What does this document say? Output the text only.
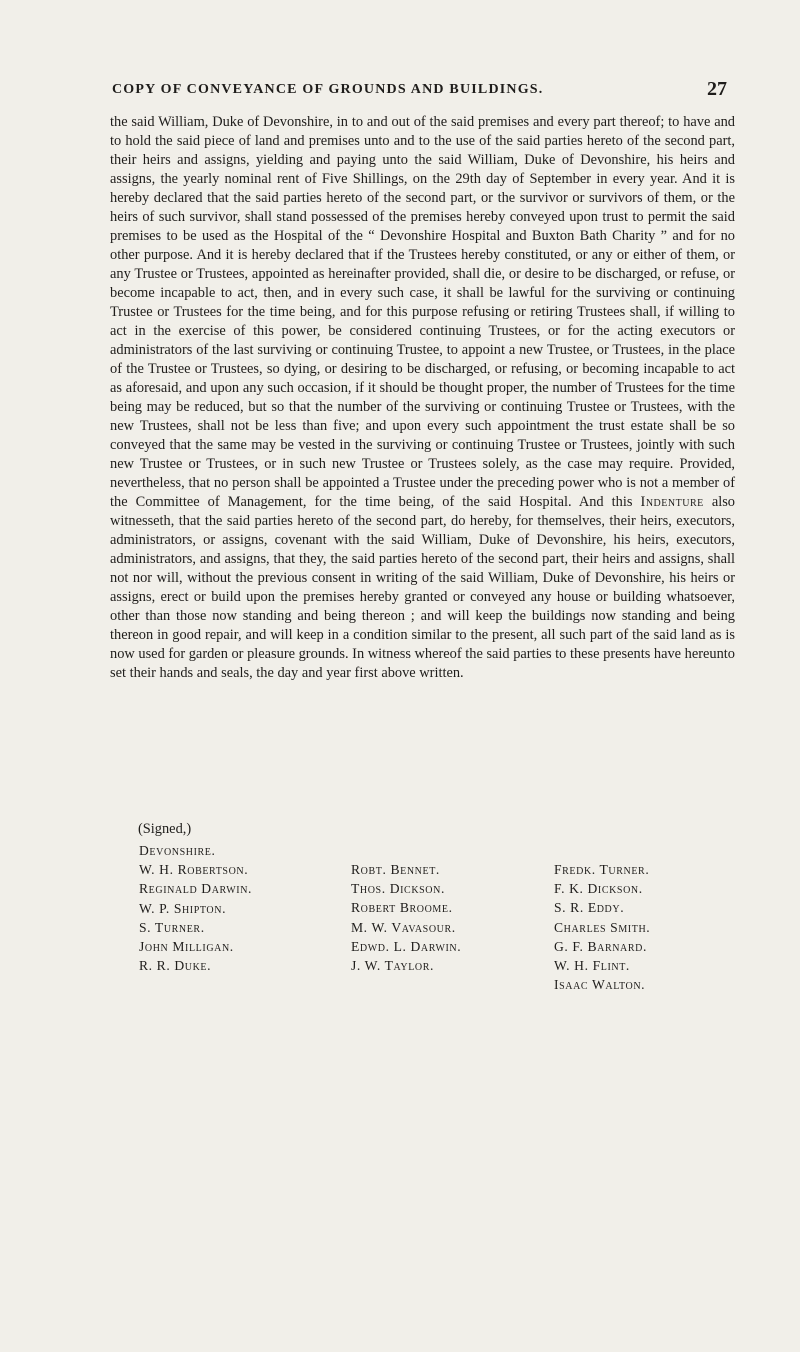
COPY OF CONVEYANCE OF GROUNDS AND BUILDINGS.	27

the said William, Duke of Devonshire, in to and out of the said premises and every part thereof; to have and to hold the said piece of land and premises unto and to the use of the said parties hereto of the second part, their heirs and assigns, yielding and paying unto the said William, Duke of Devonshire, his heirs and assigns, the yearly nominal rent of Five Shillings, on the 29th day of September in every year. And it is hereby declared that the said parties hereto of the second part, or the survivor or survivors of them, or the heirs of such survivor, shall stand possessed of the premises hereby conveyed upon trust to permit the said premises to be used as the Hospital of the “ Devonshire Hospital and Buxton Bath Charity ” and for no other purpose. And it is hereby declared that if the Trustees hereby constituted, or any or either of them, or any Trustee or Trustees, appointed as hereinafter provided, shall die, or desire to be discharged, or refuse, or become incapable to act, then, and in every such case, it shall be lawful for the surviving or continuing Trustee or Trustees for the time being, and for this purpose refusing or retiring Trustees shall, if willing to act in the exercise of this power, be considered continuing Trustees, or for the acting executors or administrators of the last surviving or continuing Trustee, to appoint a new Trustee, or Trustees, in the place of the Trustee or Trustees, so dying, or desiring to be discharged, or refusing, or becoming incapable to act as aforesaid, and upon any such occasion, if it should be thought proper, the number of Trustees for the time being may be reduced, but so that the number of the surviving or continuing Trustee or Trustees, with the new Trustees, shall not be less than five; and upon every such appointment the trust estate shall be so conveyed that the same may be vested in the surviving or continuing Trustee or Trustees, jointly with such new Trustee or Trustees, or in such new Trustee or Trustees solely, as the case may require. Provided, nevertheless, that no person shall be appointed a Trustee under the preceding power who is not a member of the Committee of Management, for the time being, of the said Hospital. And this Indenture also witnesseth, that the said parties hereto of the second part, do hereby, for themselves, their heirs, executors, administrators, or assigns, covenant with the said William, Duke of Devonshire, his heirs, executors, administrators, and assigns, that they, the said parties hereto of the second part, their heirs and assigns, shall not nor will, without the previous consent in writing of the said William, Duke of Devonshire, his heirs or assigns, erect or build upon the premises hereby granted or conveyed any house or building whatsoever, other than those now standing and being thereon ; and will keep the buildings now standing and being thereon in good repair, and will keep in a condition similar to the present, all such part of the said land as is now used for garden or pleasure grounds. In witness whereof the said parties to these presents have hereunto set their hands and seals, the day and year first above written.

(Signed,)
Devonshire.
W. H. Robertson.
Reginald Darwin.
W. P. Shipton.
S. Turner.
John Milligan.
R. R. Duke.
Robt. Bennet.
Thos. Dickson.
Robert Broome.
M. W. Vavasour.
Edwd. L. Darwin.
J. W. Taylor.
Fredk. Turner.
F. K. Dickson.
S. R. Eddy.
Charles Smith.
G. F. Barnard.
W. H. Flint.
Isaac Walton.
